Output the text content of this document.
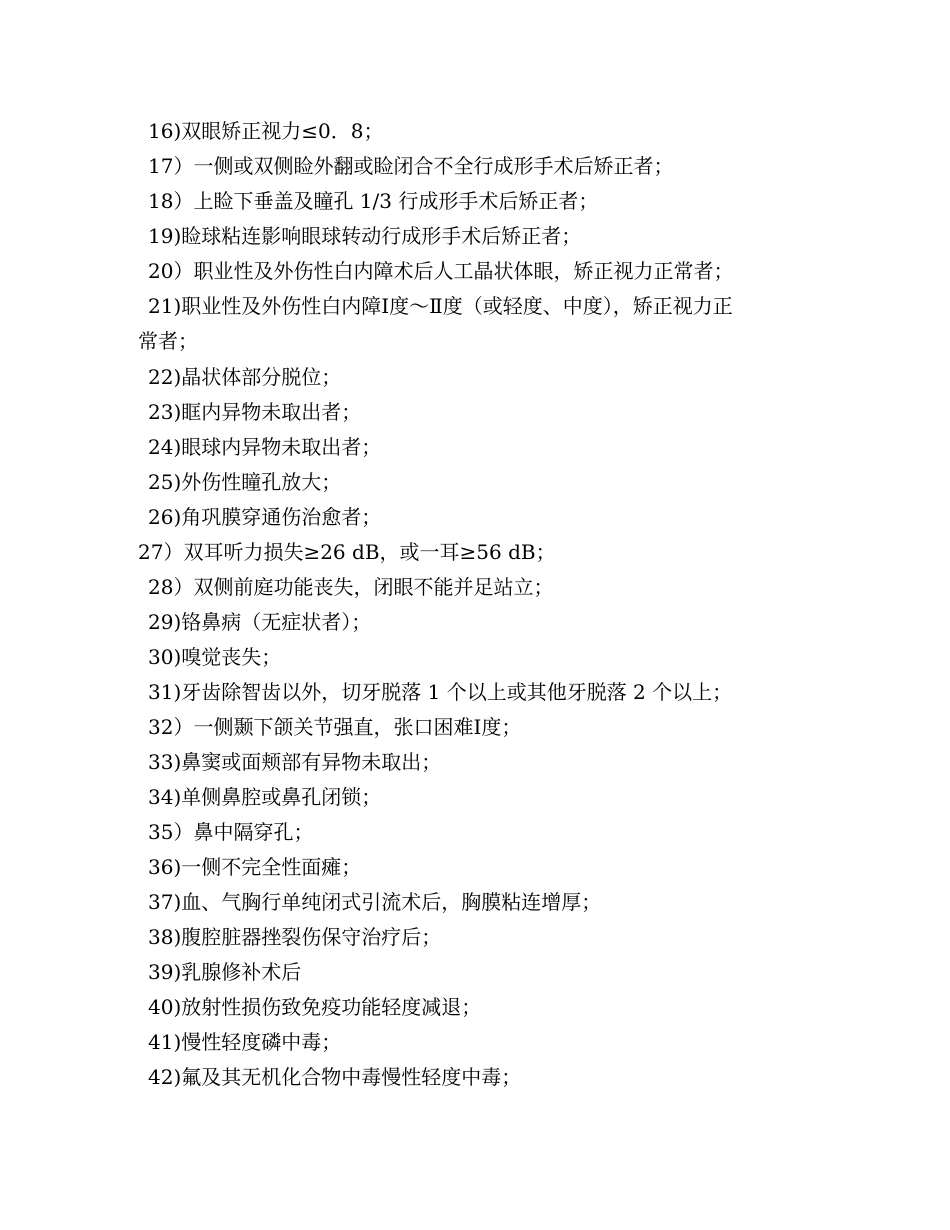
16)双眼矫正视力≤0．8；
17）一侧或双侧睑外翻或睑闭合不全行成形手术后矫正者；
18）上睑下垂盖及瞳孔 1/3 行成形手术后矫正者；
19)睑球粘连影响眼球转动行成形手术后矫正者；
20）职业性及外伤性白内障术后人工晶状体眼，矫正视力正常者；
21)职业性及外伤性白内障Ⅰ度～Ⅱ度（或轻度、中度），矫正视力正
常者；
22)晶状体部分脱位；
23)眶内异物未取出者；
24)眼球内异物未取出者；
25)外伤性瞳孔放大；
26)角巩膜穿通伤治愈者；
27）双耳听力损失≥26 dB，或一耳≥56 dB；
28）双侧前庭功能丧失，闭眼不能并足站立；
29)铬鼻病（无症状者）；
30)嗅觉丧失；
31)牙齿除智齿以外，切牙脱落 1 个以上或其他牙脱落 2 个以上；
32）一侧颞下颌关节强直，张口困难Ⅰ度；
33)鼻窦或面颊部有异物未取出；
34)单侧鼻腔或鼻孔闭锁；
35）鼻中隔穿孔；
36)一侧不完全性面瘫；
37)血、气胸行单纯闭式引流术后，胸膜粘连增厚；
38)腹腔脏器挫裂伤保守治疗后；
39)乳腺修补术后
40)放射性损伤致免疫功能轻度减退；
41)慢性轻度磷中毒；
42)氟及其无机化合物中毒慢性轻度中毒；
